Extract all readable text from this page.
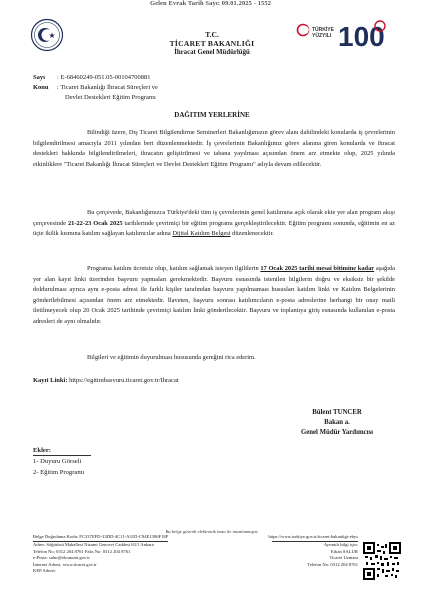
Gelen Evrak Tarih Sayı: 09.01.2025 - 1552
TÜRKİYE
YÜZYILI 100
T.C.
TİCARET BAKANLIĞI
İhracat Genel Müdürlüğü
Sayı : E-68460249-051.05-00104700881
Konu : Ticaret Bakanlığı İhracat Süreçleri ve
Devlet Destekleri Eğitim Programı
DAĞITIM YERLERİNE
Bilindiği üzere, Dış Ticaret Bilgilendirme Seminerleri Bakanlığımızın görev alanı dahilindeki konularda iş çevrelerinin bilgilendirilmesi amacıyla 2011 yılından beri düzenlenmektedir. İş çevrelerinin Bakanlığımız görev alanına giren konularda ve ihracat destekleri hakkında bilgilendirilmeleri, ihracatın geliştirilmesi ve tabana yayılması açısından önem arz etmekte olup, 2025 yılında etkinliklere "Ticaret Bakanlığı İhracat Süreçleri ve Devlet Destekleri Eğitim Programı" adıyla devam edilecektir.
Bu çerçevede, Bakanlığımızca Türkiye'deki tüm iş çevrelerinin genel katılımına açık olarak ekte yer alan program akışı çerçevesinde 21-22-23 Ocak 2025 tarihlerinde çevrimiçi bir eğitim programı gerçekleştirilecektir. Eğitim programı sonunda, eğitimin en az üçte ikilik kısmına katılım sağlayan katılımcılar adına Dijital Katılım Belgesi düzenlenecektir.
Programa katılım ücretsiz olup, katılım sağlamak isteyen ilgililerin 17 Ocak 2025 tarihi mesai bitimine kadar aşağıda yer alan kayıt linki üzerinden başvuru yapmaları gerekmektedir. Başvuru esnasında istenilen bilgilerin doğru ve eksiksiz bir şekilde doldurulması ayrıca aynı e-posta adresi ile farklı kişiler tarafından başvuru yapılmaması hususları katılım linki ve Katılım Belgelerinin gönderilebilmesi açısından önem arz etmektedir. İlaveten, başvuru sonrası katılımcıların e-posta adreslerine herhangi bir onay maili iletilmeyecek olup 20 Ocak 2025 tarihinde çevrimiçi katılım linki gönderilecektir. Başvuru ve toplantıya giriş esnasında kullanılan e-posta adresleri de aynı olmalıdır.
Bilgileri ve eğitimin duyurulması hususunda gereğini rica ederim.
Kayıt Linki: https://egitimbasvuru.ticaret.gov.tr/Ihracat
Bülent TUNCER
Bakan a.
Genel Müdür Yardımcısı
Ekler:
1- Duyuru Görseli
2- Eğitim Programı
Bu belge güvenli elektronik imza ile imzalanmıştır.
Belge Doğrulama Kodu: FC337EFD-33DD-4C11-A31D-C94E1396F18F
Adres: Söğütözü Mahallesi Nizami Gencevi Caddesi 63/1 Ankara
Telefon No: 0312 204 8761 Faks No: 0312 204 8761
e-Posta: salur@ekonomi.gov.tr
İnternet Adresi: www.ticaret.gov.tr
KEP Adresi:
https://www.turkiye.gov.tr/ticaret-bakanligi-ebys
Ayrıntılı bilgi için:
Erkan SALUR
Ticaret Uzmanı
Telefon No: 0312 204 8761
